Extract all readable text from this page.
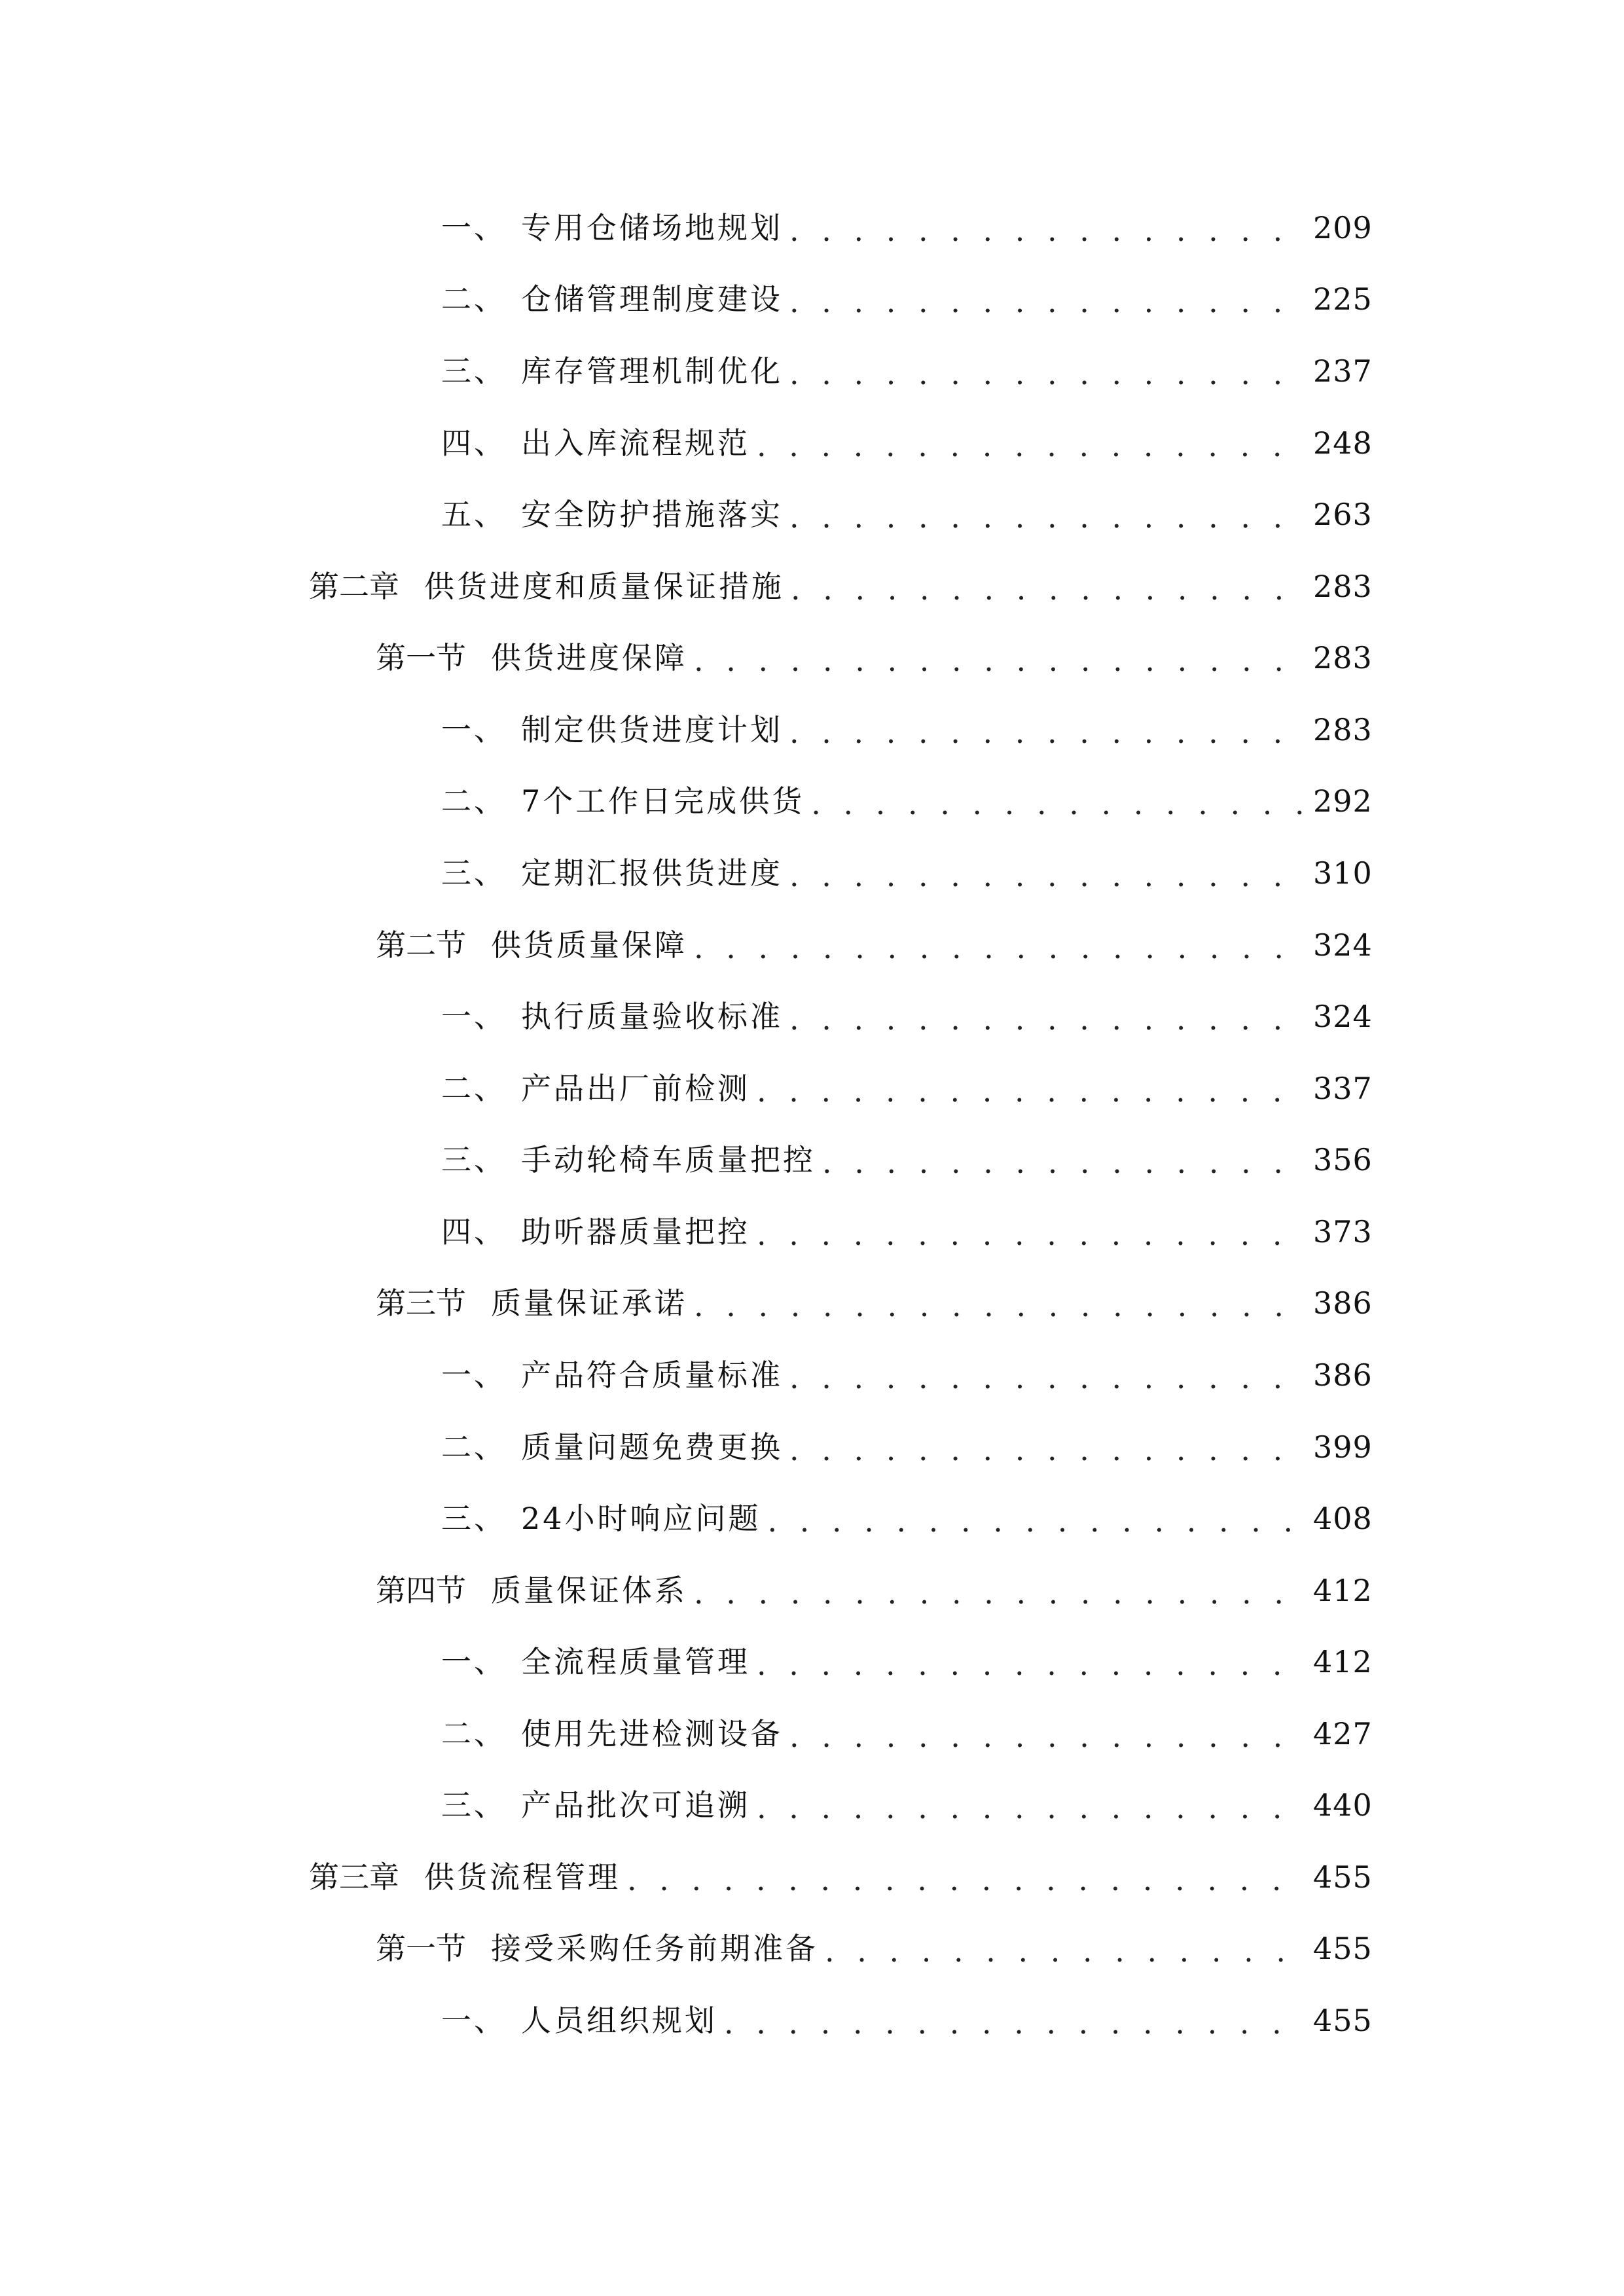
一、 专用仓储场地规划 . . .	209
二、 仓储管理制度建设 . . .	225
三、 库存管理机制优化 . . .	237
四、 出入库流程规范 . . .	248
五、 安全防护措施落实 . . .	263
第二章 供货进度和质量保证措施 . . .	283
第一节 供货进度保障 . . .	283
一、 制定供货进度计划 . . .	283
二、 7个工作日完成供货 . . .	292
三、 定期汇报供货进度 . . .	310
第二节 供货质量保障 . . .	324
一、 执行质量验收标准 . . .	324
二、 产品出厂前检测 . . .	337
三、 手动轮椅车质量把控 . . .	356
四、 助听器质量把控 . . .	373
第三节 质量保证承诺 . . .	386
一、 产品符合质量标准 . . .	386
二、 质量问题免费更换 . . .	399
三、 24小时响应问题 . . .	408
第四节 质量保证体系 . . .	412
一、 全流程质量管理 . . .	412
二、 使用先进检测设备 . . .	427
三、 产品批次可追溯 . . .	440
第三章 供货流程管理 . . .	455
第一节 接受采购任务前期准备 . . .	455
一、 人员组织规划 . . .	455
